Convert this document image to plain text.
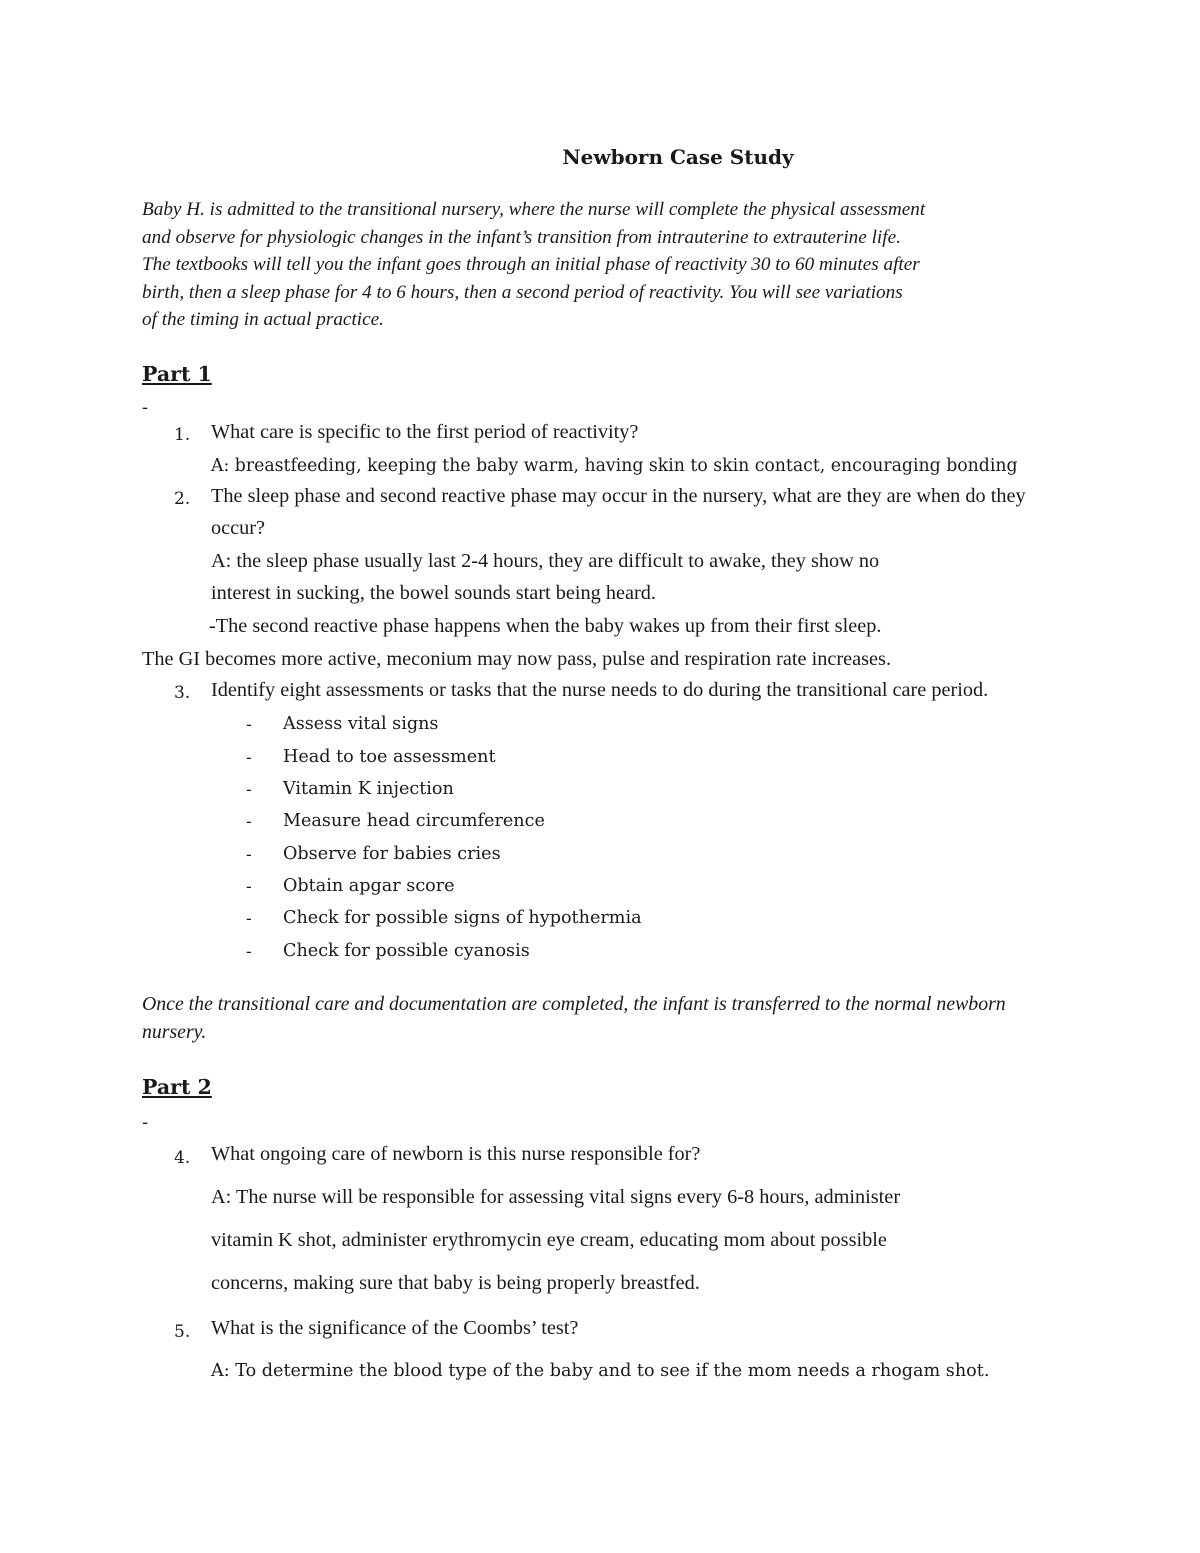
Newborn Case Study
Baby H. is admitted to the transitional nursery, where the nurse will complete the physical assessment
and observe for physiologic changes in the infant’s transition from intrauterine to extrauterine life.
The textbooks will tell you the infant goes through an initial phase of reactivity 30 to 60 minutes after
birth, then a sleep phase for 4 to 6 hours, then a second period of reactivity. You will see variations
of the timing in actual practice.
Part 1
-
1. What care is specific to the first period of reactivity?
A: breastfeeding, keeping the baby warm, having skin to skin contact, encouraging bonding
2. The sleep phase and second reactive phase may occur in the nursery, what are they are when do they
occur?
A: the sleep phase usually last 2-4 hours, they are difficult to awake, they show no
interest in sucking, the bowel sounds start being heard.
-The second reactive phase happens when the baby wakes up from their first sleep.
The GI becomes more active, meconium may now pass, pulse and respiration rate increases.
3. Identify eight assessments or tasks that the nurse needs to do during the transitional care period.
- Assess vital signs
- Head to toe assessment
- Vitamin K injection
- Measure head circumference
- Observe for babies cries
- Obtain apgar score
- Check for possible signs of hypothermia
- Check for possible cyanosis
Once the transitional care and documentation are completed, the infant is transferred to the normal newborn
nursery.
Part 2
-
4. What ongoing care of newborn is this nurse responsible for?
A: The nurse will be responsible for assessing vital signs every 6-8 hours, administer
vitamin K shot, administer erythromycin eye cream, educating mom about possible
concerns, making sure that baby is being properly breastfed.
5. What is the significance of the Coombs’ test?
A: To determine the blood type of the baby and to see if the mom needs a rhogam shot.
